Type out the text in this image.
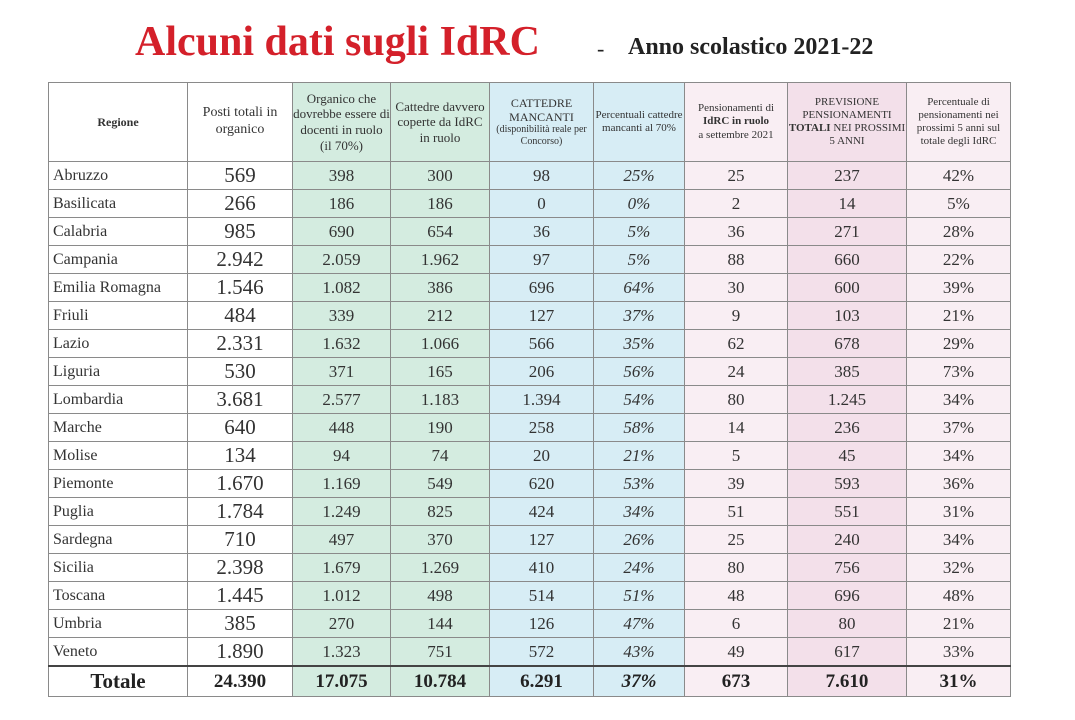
Alcuni dati sugli IdRC	- Anno scolastico 2021-22
Regione	Posti totali in organico	Organico che dovrebbe essere di docenti in ruolo (il 70%)	Cattedre davvero coperte da IdRC in ruolo	CATTEDRE MANCANTI
(disponibilità reale per Concorso)	Percentuali cattedre mancanti al 70%	Pensionamenti di
IdRC in ruolo
a settembre 2021	PREVISIONE PENSIONAMENTI
TOTALI NEI PROSSIMI 5 ANNI	Percentuale di pensionamenti nei prossimi 5 anni sul totale degli IdRC
Abruzzo	569	398	300	98	25%	25	237	42%
Basilicata	266	186	186	0	0%	2	14	5%
Calabria	985	690	654	36	5%	36	271	28%
Campania	2.942	2.059	1.962	97	5%	88	660	22%
Emilia Romagna	1.546	1.082	386	696	64%	30	600	39%
Friuli	484	339	212	127	37%	9	103	21%
Lazio	2.331	1.632	1.066	566	35%	62	678	29%
Liguria	530	371	165	206	56%	24	385	73%
Lombardia	3.681	2.577	1.183	1.394	54%	80	1.245	34%
Marche	640	448	190	258	58%	14	236	37%
Molise	134	94	74	20	21%	5	45	34%
Piemonte	1.670	1.169	549	620	53%	39	593	36%
Puglia	1.784	1.249	825	424	34%	51	551	31%
Sardegna	710	497	370	127	26%	25	240	34%
Sicilia	2.398	1.679	1.269	410	24%	80	756	32%
Toscana	1.445	1.012	498	514	51%	48	696	48%
Umbria	385	270	144	126	47%	6	80	21%
Veneto	1.890	1.323	751	572	43%	49	617	33%
Totale	24.390	17.075	10.784	6.291	37%	673	7.610	31%
